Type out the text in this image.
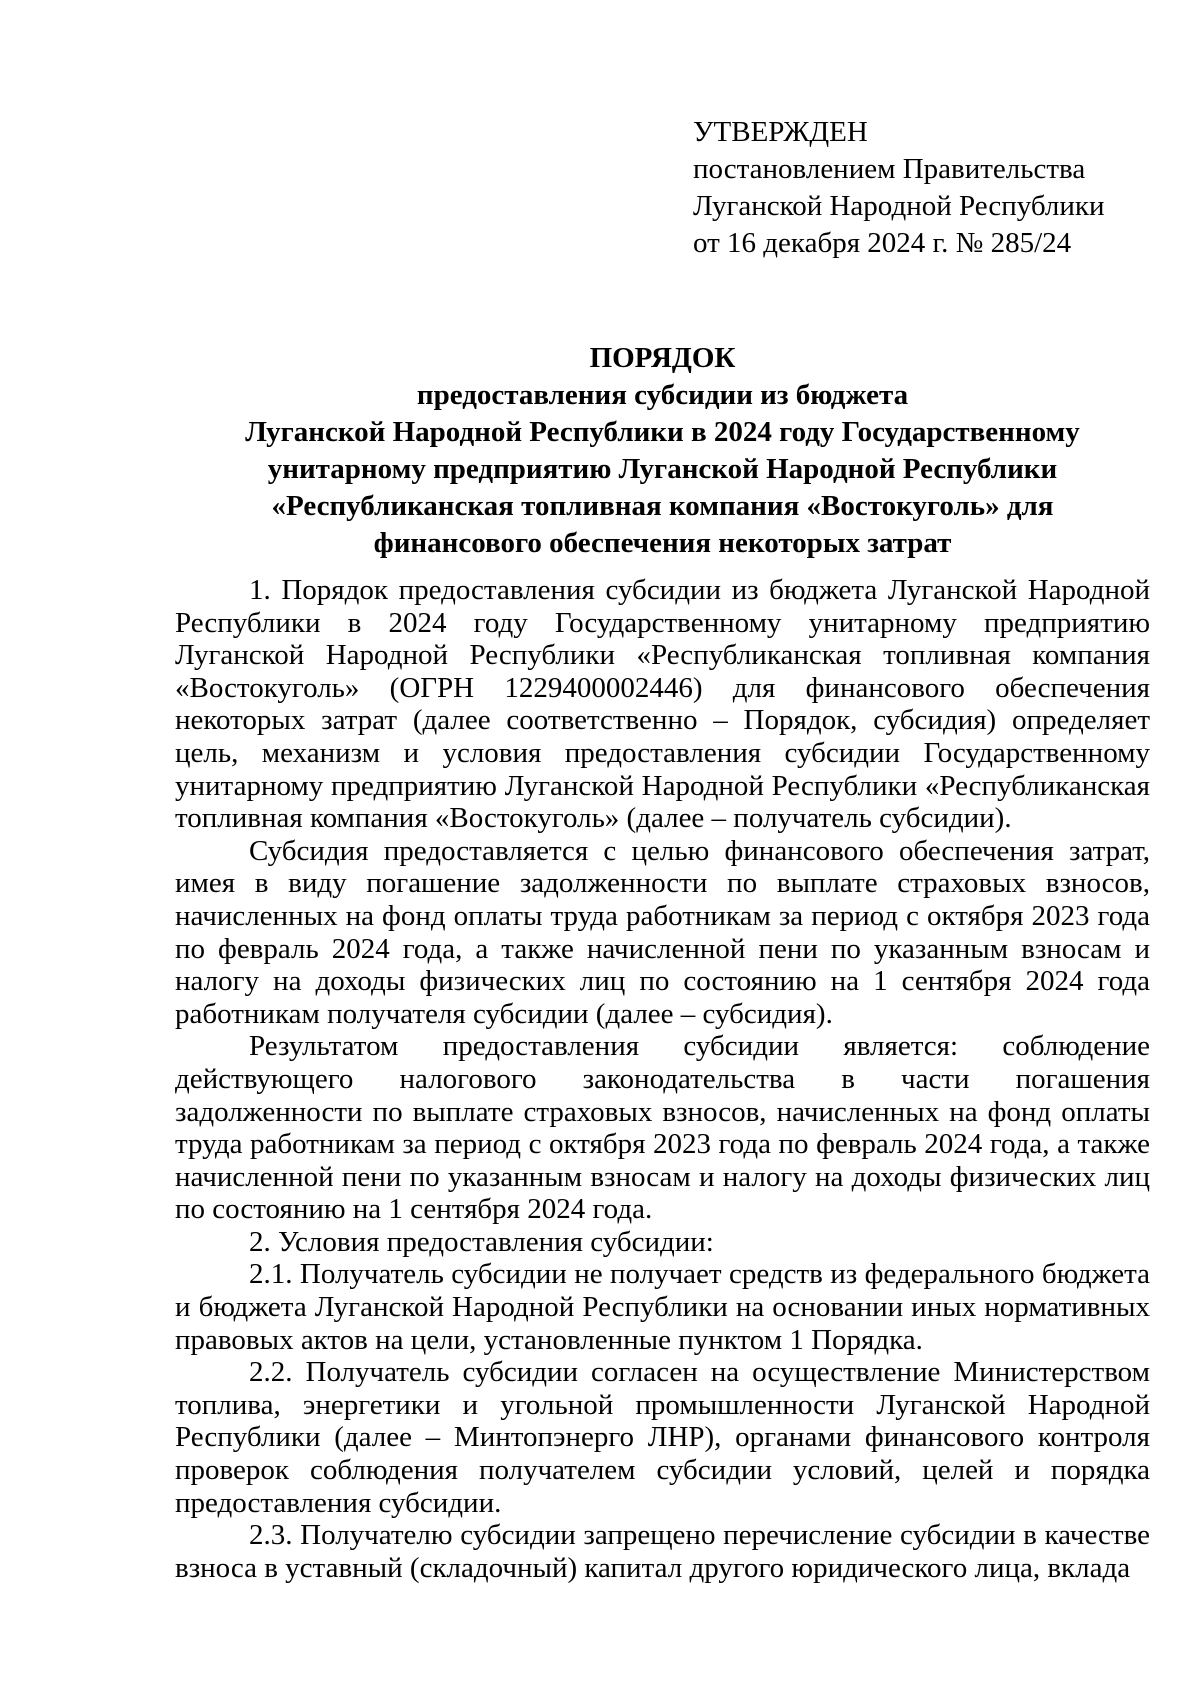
УТВЕРЖДЕН
постановлением Правительства
Луганской Народной Республики
от 16 декабря 2024 г. № 285/24
ПОРЯДОК
предоставления субсидии из бюджета
Луганской Народной Республики в 2024 году Государственному
унитарному предприятию Луганской Народной Республики
«Республиканская топливная компания «Востокуголь» для
финансового обеспечения некоторых затрат

1. Порядок предоставления субсидии из бюджета Луганской Народной Республики в 2024 году Государственному унитарному предприятию Луганской Народной Республики «Республиканская топливная компания «Востокуголь» (ОГРН 1229400002446) для финансового обеспечения некоторых затрат (далее соответственно – Порядок, субсидия) определяет цель, механизм и условия предоставления субсидии Государственному унитарному предприятию Луганской Народной Республики «Республиканская топливная компания «Востокуголь» (далее – получатель субсидии).

Субсидия предоставляется с целью финансового обеспечения затрат, имея в виду погашение задолженности по выплате страховых взносов, начисленных на фонд оплаты труда работникам за период с октября 2023 года по февраль 2024 года, а также начисленной пени по указанным взносам и налогу на доходы физических лиц по состоянию на 1 сентября 2024 года работникам получателя субсидии (далее – субсидия).

Результатом предоставления субсидии является: соблюдение действующего налогового законодательства в части погашения задолженности по выплате страховых взносов, начисленных на фонд оплаты труда работникам за период с октября 2023 года по февраль 2024 года, а также начисленной пени по указанным взносам и налогу на доходы физических лиц по состоянию на 1 сентября 2024 года.

2. Условия предоставления субсидии:

2.1. Получатель субсидии не получает средств из федерального бюджета и бюджета Луганской Народной Республики на основании иных нормативных правовых актов на цели, установленные пунктом 1 Порядка.

2.2. Получатель субсидии согласен на осуществление Министерством топлива, энергетики и угольной промышленности Луганской Народной Республики (далее – Минтопэнерго ЛНР), органами финансового контроля проверок соблюдения получателем субсидии условий, целей и порядка предоставления субсидии.

2.3. Получателю субсидии запрещено перечисление субсидии в качестве взноса в уставный (складочный) капитал другого юридического лица, вклада
